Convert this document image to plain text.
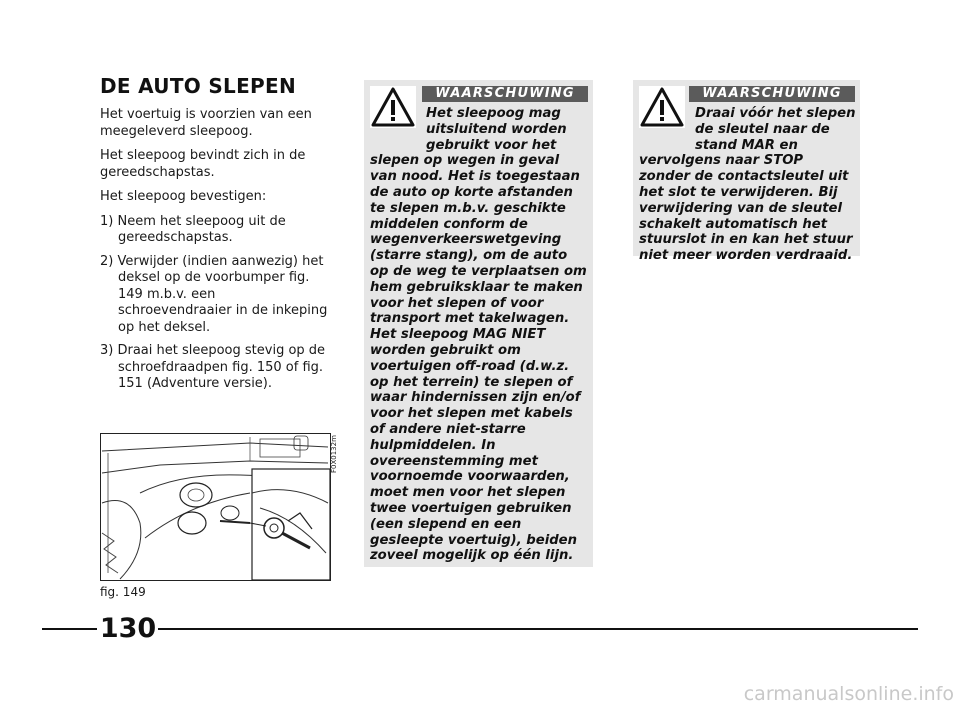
DE AUTO SLEPEN

Het voertuig is voorzien van een meegeleverd sleepoog.

Het sleepoog bevindt zich in de gereedschapstas.

Het sleepoog bevestigen:

1) Neem het sleepoog uit de gereedschapstas.

2) Verwijder (indien aanwezig) het deksel op de voorbumper fig. 149 m.b.v. een schroevendraaier in de inkeping op het deksel.

3) Draai het sleepoog stevig op de schroefdraadpen fig. 150 of fig. 151 (Adventure versie).

F0X0132m
fig. 149
WAARSCHUWING
Het sleepoog mag uitsluitend worden gebruikt voor het slepen op wegen in geval van nood. Het is toegestaan de auto op korte afstanden te slepen m.b.v. geschikte middelen conform de wegenverkeerswetgeving (starre stang), om de auto op de weg te verplaatsen om hem gebruiksklaar te maken voor het slepen of voor transport met takelwagen. Het sleepoog MAG NIET worden gebruikt om voertuigen off-road (d.w.z. op het terrein) te slepen of waar hindernissen zijn en/of voor het slepen met kabels of andere niet-starre hulpmiddelen. In overeenstemming met voornoemde voorwaarden, moet men voor het slepen twee voertuigen gebruiken (een slepend en een gesleepte voertuig), beiden zoveel mogelijk op één lijn.
WAARSCHUWING
Draai vóór het slepen de sleutel naar de stand MAR en vervolgens naar STOP zonder de contactsleutel uit het slot te verwijderen. Bij verwijdering van de sleutel schakelt automatisch het stuurslot in en kan het stuur niet meer worden verdraaid.
130
carmanualsonline.info
